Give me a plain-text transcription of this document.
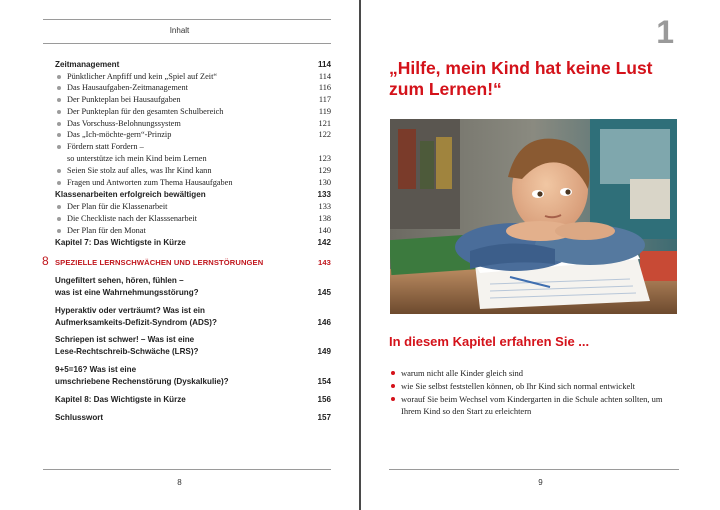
Inhalt
Zeitmanagement	114
Pünktlicher Anpfiff und kein „Spiel auf Zeit“	114
Das Hausaufgaben-Zeitmanagement	116
Der Punkteplan bei Hausaufgaben	117
Der Punkteplan für den gesamten Schulbereich	119
Das Vorschuss-Belohnungssystem	121
Das „Ich-möchte-gern“-Prinzip	122
Fördern statt Fordern –
so unterstütze ich mein Kind beim Lernen	123
Seien Sie stolz auf alles, was Ihr Kind kann	129
Fragen und Antworten zum Thema Hausaufgaben	130
Klassenarbeiten erfolgreich bewältigen	133
Der Plan für die Klassenarbeit	133
Die Checkliste nach der Klasssenarbeit	138
Der Plan für den Monat	140
Kapitel 7: Das Wichtigste in Kürze	142
8 SPEZIELLE LERNSCHWÄCHEN UND LERNSTÖRUNGEN	143
Ungefiltert sehen, hören, fühlen –
was ist eine Wahrnehmungsstörung?	145
Hyperaktiv oder verträumt? Was ist ein
Aufmerksamkeits-Defizit-Syndrom (ADS)?	146
Schriepen ist schwer! – Was ist eine
Lese-Rechtschreib-Schwäche (LRS)?	149
9+5=16? Was ist eine
umschriebene Rechenstörung (Dyskalkulie)?	154
Kapitel 8: Das Wichtigste in Kürze	156
Schlusswort	157
8
1
„Hilfe, mein Kind hat keine Lust zum Lernen!“
In diesem Kapitel erfahren Sie ...
warum nicht alle Kinder gleich sind
wie Sie selbst feststellen können, ob Ihr Kind sich normal entwickelt
worauf Sie beim Wechsel vom Kindergarten in die Schule achten sollten, um Ihrem Kind so den Start zu erleichtern
9
